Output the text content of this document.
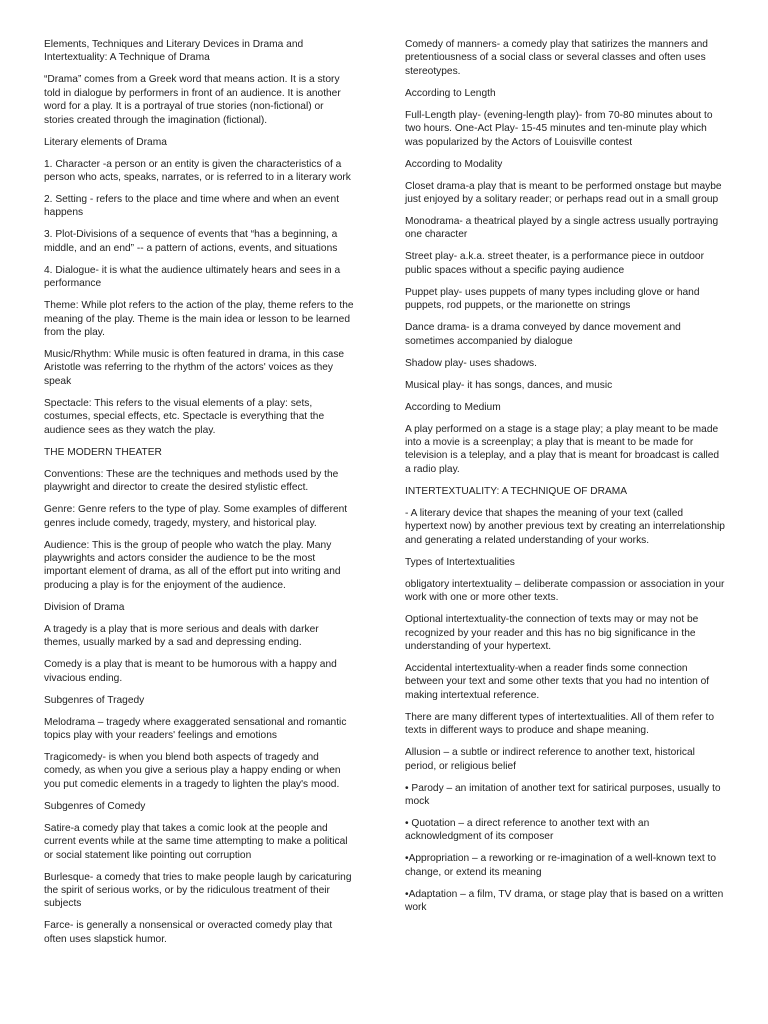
Elements, Techniques and Literary Devices in Drama and Intertextuality: A Technique of Drama

“Drama” comes from a Greek word that means action. It is a story told in dialogue by performers in front of an audience. It is another word for a play. It is a portrayal of true stories (non-fictional) or stories created through the imagination (fictional).

Literary elements of Drama

1. Character -a person or an entity is given the characteristics of a person who acts, speaks, narrates, or is referred to in a literary work

2. Setting - refers to the place and time where and when an event happens

3. Plot-Divisions of a sequence of events that “has a beginning, a middle, and an end” -- a pattern of actions, events, and situations

4. Dialogue- it is what the audience ultimately hears and sees in a performance

Theme: While plot refers to the action of the play, theme refers to the meaning of the play. Theme is the main idea or lesson to be learned from the play.

Music/Rhythm: While music is often featured in drama, in this case Aristotle was referring to the rhythm of the actors' voices as they speak

Spectacle: This refers to the visual elements of a play: sets, costumes, special effects, etc. Spectacle is everything that the audience sees as they watch the play.

THE MODERN THEATER

Conventions: These are the techniques and methods used by the playwright and director to create the desired stylistic effect.

Genre: Genre refers to the type of play. Some examples of different genres include comedy, tragedy, mystery, and historical play.

Audience: This is the group of people who watch the play. Many playwrights and actors consider the audience to be the most important element of drama, as all of the effort put into writing and producing a play is for the enjoyment of the audience.

Division of Drama

A tragedy is a play that is more serious and deals with darker themes, usually marked by a sad and depressing ending.

Comedy is a play that is meant to be humorous with a happy and vivacious ending.

Subgenres of Tragedy

Melodrama – tragedy where exaggerated sensational and romantic topics play with your readers' feelings and emotions

Tragicomedy- is when you blend both aspects of tragedy and comedy, as when you give a serious play a happy ending or when you put comedic elements in a tragedy to lighten the play's mood.

Subgenres of Comedy

Satire-a comedy play that takes a comic look at the people and current events while at the same time attempting to make a political or social statement like pointing out corruption

Burlesque- a comedy that tries to make people laugh by caricaturing the spirit of serious works, or by the ridiculous treatment of their subjects

Farce- is generally a nonsensical or overacted comedy play that often uses slapstick humor.

Comedy of manners- a comedy play that satirizes the manners and pretentiousness of a social class or several classes and often uses stereotypes.

According to Length

Full-Length play- (evening-length play)- from 70-80 minutes about to two hours. One-Act Play- 15-45 minutes and ten-minute play which was popularized by the Actors of Louisville contest

According to Modality

Closet drama-a play that is meant to be performed onstage but maybe just enjoyed by a solitary reader; or perhaps read out in a small group

Monodrama- a theatrical played by a single actress usually portraying one character

Street play- a.k.a. street theater, is a performance piece in outdoor public spaces without a specific paying audience

Puppet play- uses puppets of many types including glove or hand puppets, rod puppets, or the marionette on strings

Dance drama- is a drama conveyed by dance movement and sometimes accompanied by dialogue

Shadow play- uses shadows.

Musical play- it has songs, dances, and music

According to Medium

A play performed on a stage is a stage play; a play meant to be made into a movie is a screenplay; a play that is meant to be made for television is a teleplay, and a play that is meant for broadcast is called a radio play.

INTERTEXTUALITY: A TECHNIQUE OF DRAMA

- A literary device that shapes the meaning of your text (called hypertext now) by another previous text by creating an interrelationship and generating a related understanding of your works.

Types of Intertextualities

obligatory intertextuality – deliberate compassion or association in your work with one or more other texts.

Optional intertextuality-the connection of texts may or may not be recognized by your reader and this has no big significance in the understanding of your hypertext.

Accidental intertextuality-when a reader finds some connection between your text and some other texts that you had no intention of making intertextual reference.

There are many different types of intertextualities. All of them refer to texts in different ways to produce and shape meaning.

Allusion – a subtle or indirect reference to another text, historical period, or religious belief

• Parody – an imitation of another text for satirical purposes, usually to mock

• Quotation – a direct reference to another text with an acknowledgment of its composer

•Appropriation – a reworking or re-imagination of a well-known text to change, or extend its meaning

•Adaptation – a film, TV drama, or stage play that is based on a written work
